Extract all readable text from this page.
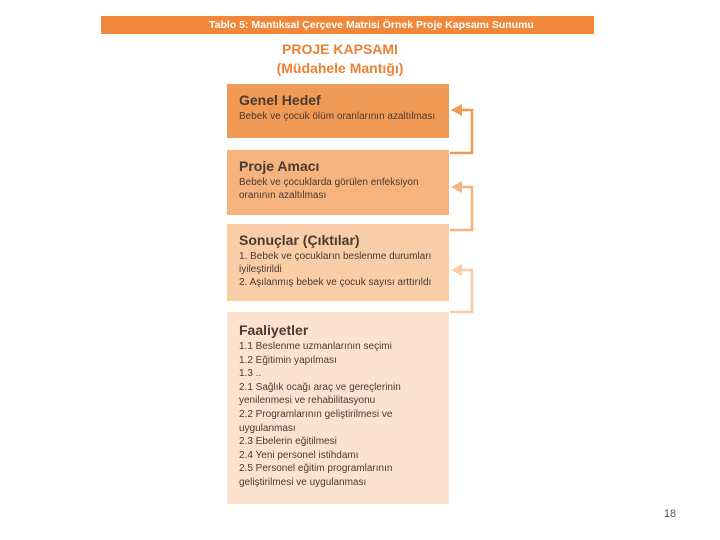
Tablo 5: Mantıksal Çerçeve Matrisi Örnek Proje Kapsamı Sunumu
PROJE KAPSAMI
(Müdahele Mantığı)
Genel Hedef
Bebek ve çocuk ölüm oranlarının azaltılması
Proje Amacı
Bebek ve çocuklarda görülen enfeksiyon
oranının azaltılması
Sonuçlar (Çıktılar)
1. Bebek ve çocukların beslenme durumları
iyileştirildi
2. Aşılanmış bebek ve çocuk sayısı arttırıldı
Faaliyetler
1.1 Beslenme uzmanlarının seçimi
1.2 Eğitimin yapılması
1.3 ..
2.1 Sağlık ocağı araç ve gereçlerinin
yenilenmesi ve rehabilitasyonu
2.2 Programlarının geliştirilmesi ve
uygulanması
2.3 Ebelerin eğitilmesi
2.4 Yeni personel istihdamı
2.5 Personel eğitim programlarının
geliştirilmesi ve uygulanması
18
